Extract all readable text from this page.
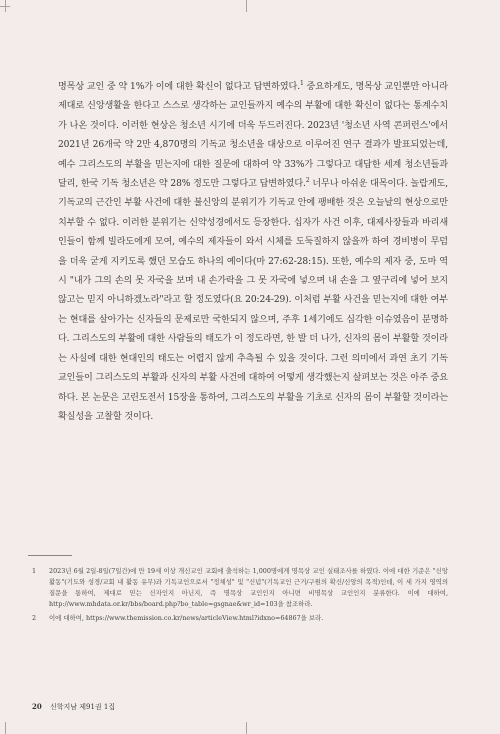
명목상 교인 중 약 1%가 이에 대한 확신이 없다고 답변하였다.$^1$ 중요하게도, 명목상 교인뿐만 아니라 제대로 신앙생활을 한다고 스스로 생각하는 교인들까지 예수의 부활에 대한 확신이 없다는 통계수치가 나온 것이다. 이러한 현상은 청소년 시기에 더욱 두드러진다. 2023년 '청소년 사역 콘퍼런스'에서 2021년 26개국 약 2만 4,870명의 기독교 청소년을 대상으로 이루어진 연구 결과가 발표되었는데, 예수 그리스도의 부활을 믿는지에 대한 질문에 대하여 약 33%가 그렇다고 대답한 세계 청소년들과 달리, 한국 기독 청소년은 약 28% 정도만 그렇다고 답변하였다.$^2$ 너무나 아쉬운 대목이다. 놀랍게도, 기독교의 근간인 부활 사건에 대한 불신앙의 분위기가 기독교 안에 팽배한 것은 오늘날의 현상으로만 치부할 수 없다. 이러한 분위기는 신약성경에서도 등장한다. 십자가 사건 이후, 대제사장들과 바리새인들이 함께 빌라도에게 모여, 예수의 제자들이 와서 시체를 도둑질하지 않을까 하여 경비병이 무덤을 더욱 굳게 지키도록 했던 모습도 하나의 예이다(마 27:62-28:15). 또한, 예수의 제자 중, 도마 역시 "내가 그의 손의 못 자국을 보며 내 손가락을 그 못 자국에 넣으며 내 손을 그 옆구리에 넣어 보지 않고는 믿지 아니하겠노라"라고 할 정도였다(요 20:24-29). 이처럼 부활 사건을 믿는지에 대한 여부는 현대를 살아가는 신자들의 문제로만 국한되지 않으며, 주후 1세기에도 심각한 이슈였음이 분명하다. 그리스도의 부활에 대한 사람들의 태도가 이 정도라면, 한 발 더 나가, 신자의 몸이 부활할 것이라는 사실에 대한 현대인의 태도는 어렵지 않게 추측될 수 있을 것이다. 그런 의미에서 과연 초기 기독교인들이 그리스도의 부활과 신자의 부활 사건에 대하여 어떻게 생각했는지 살펴보는 것은 아주 중요하다. 본 논문은 고린도전서 15장을 통하여, 그리스도의 부활을 기초로 신자의 몸이 부활할 것이라는 확실성을 고찰할 것이다.

1	2023년 6월 2일-8일(7일간)에 만 19세 이상 개신교인 교회에 출석하는 1,000명에게 명목상 교인 실태조사를 하였다. 이에 대한 기준은 "신앙 활동"(기도와 성경/교회 내 활동 유무)과 기독교인으로서 "정체성" 및 "신념"(기독교인 근거/구원의 확신/신앙의 목적)인데, 이 세 가지 영역의 질문을 통하여, 제대로 믿는 신자인지 아닌지, 즉 명목상 교인인지 아니면 비명목상 교인인지 분류한다. 이에 대하여, http://www.mhdata.or.kr/bbs/board.php?bo_table=gsgnae&wr_id=103을 참조하라.
2	이에 대하여, https://www.themission.co.kr/news/articleView.html?idxno=64867을 보라.
20 신학지남 제91권 1집
